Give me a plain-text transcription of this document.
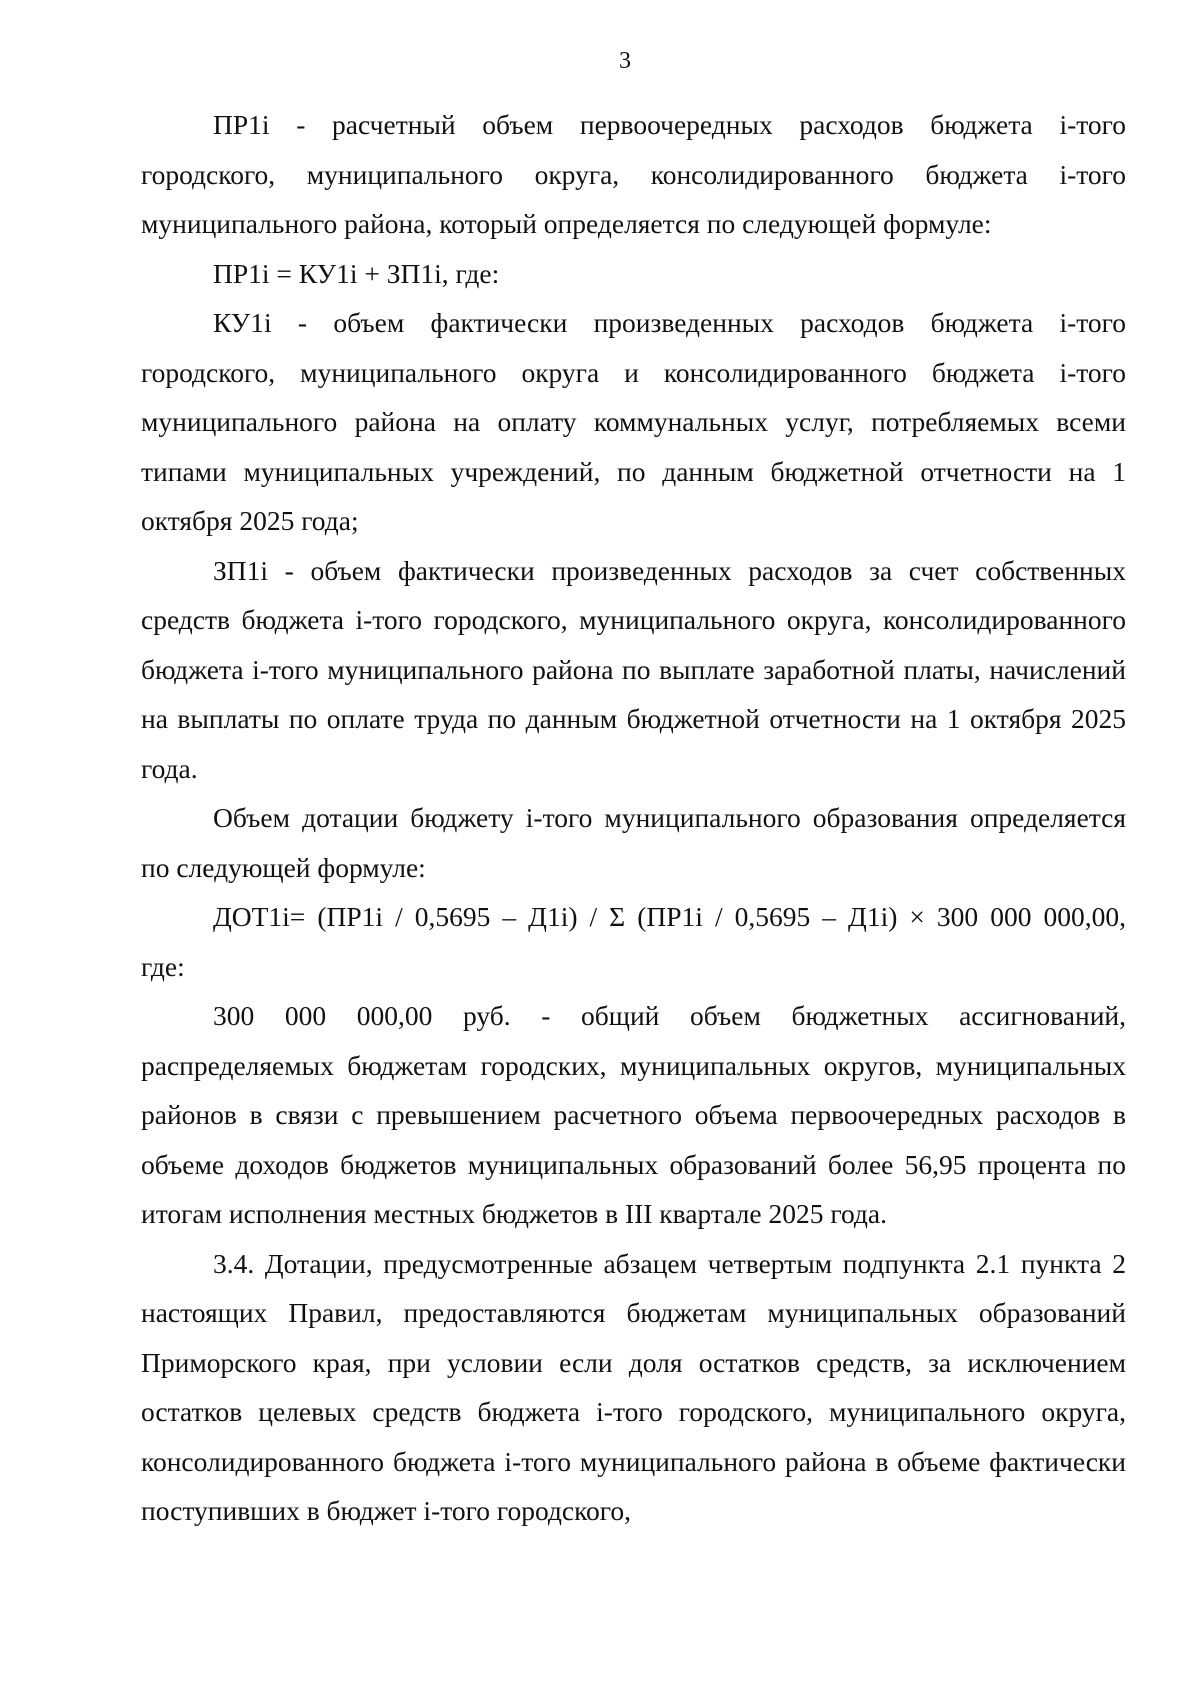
3

ПР1i - расчетный объем первоочередных расходов бюджета i-того городского, муниципального округа, консолидированного бюджета i-того муниципального района, который определяется по следующей формуле:

ПР1i = КУ1i + ЗП1i, где:

КУ1i - объем фактически произведенных расходов бюджета i-того городского, муниципального округа и консолидированного бюджета i-того муниципального района на оплату коммунальных услуг, потребляемых всеми типами муниципальных учреждений, по данным бюджетной отчетности на 1 октября 2025 года;

ЗП1i - объем фактически произведенных расходов за счет собственных средств бюджета i-того городского, муниципального округа, консолидированного бюджета i-того муниципального района по выплате заработной платы, начислений на выплаты по оплате труда по данным бюджетной отчетности на 1 октября 2025 года.

Объем дотации бюджету i-того муниципального образования определяется по следующей формуле:

ДОТ1i= (ПР1i / 0,5695 – Д1i) / Σ (ПР1i / 0,5695 – Д1i) × 300 000 000,00,

где:

300 000 000,00 руб. - общий объем бюджетных ассигнований, распределяемых бюджетам городских, муниципальных округов, муниципальных районов в связи с превышением расчетного объема первоочередных расходов в объеме доходов бюджетов муниципальных образований более 56,95 процента по итогам исполнения местных бюджетов в III квартале 2025 года.

3.4. Дотации, предусмотренные абзацем четвертым подпункта 2.1 пункта 2 настоящих Правил, предоставляются бюджетам муниципальных образований Приморского края, при условии если доля остатков средств, за исключением остатков целевых средств бюджета i-того городского, муниципального округа, консолидированного бюджета i-того муниципального района в объеме фактически поступивших в бюджет i-того городского,
